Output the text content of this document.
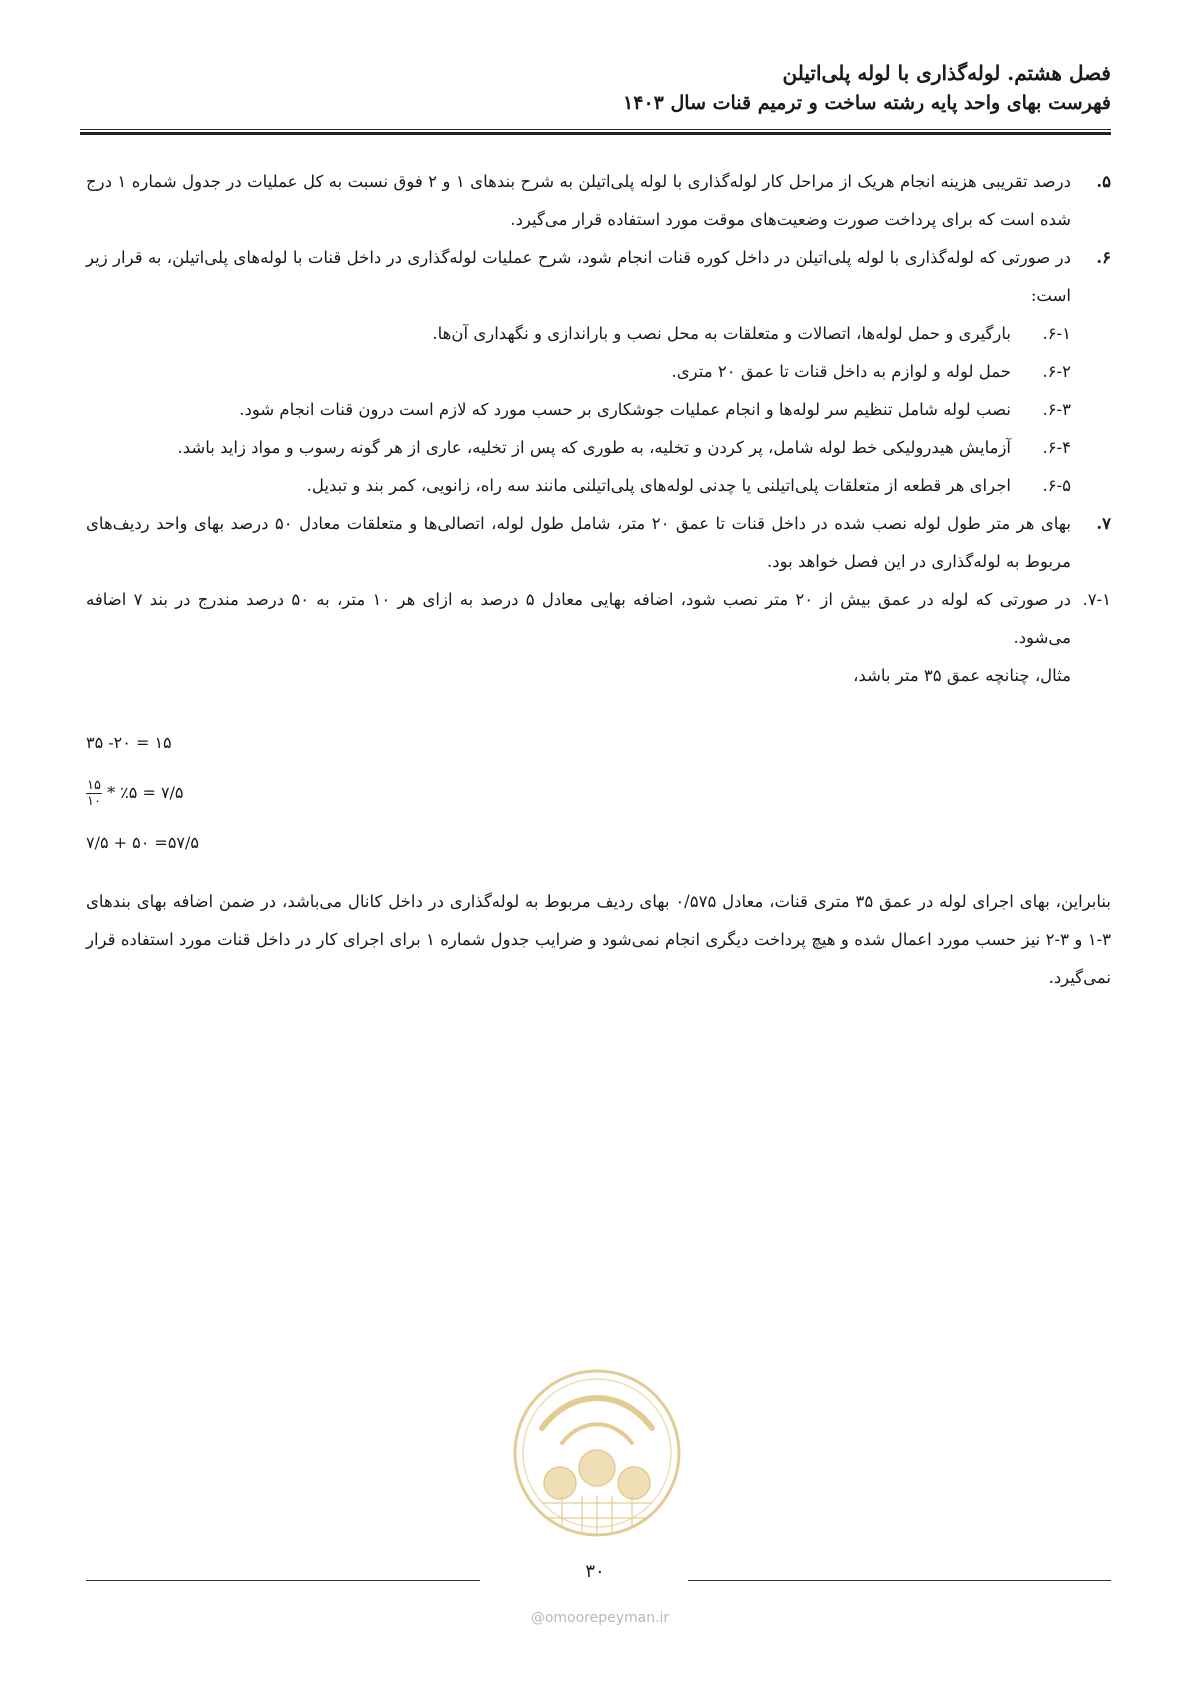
فصل هشتم. لوله‌گذاری با لوله پلی‌اتیلن
فهرست بهای واحد پایه رشته ساخت و ترمیم قنات سال ۱۴۰۳
۵.
درصد تقریبی هزینه انجام هریک از مراحل کار لوله‌گذاری با لوله پلی‌اتیلن به شرح بندهای ۱ و ۲ فوق نسبت به کل عملیات در جدول شماره ۱ درج شده است که برای پرداخت صورت وضعیت‌های موقت مورد استفاده قرار می‌گیرد.
۶.
در صورتی که لوله‌گذاری با لوله پلی‌اتیلن در داخل کوره قنات انجام شود، شرح عملیات لوله‌گذاری در داخل قنات با لوله‌های پلی‌اتیلن، به قرار زیر است:
۶-۱.
بارگیری و حمل لوله‌ها، اتصالات و متعلقات به محل نصب و باراندازی و نگهداری آن‌ها.
۶-۲.
حمل لوله و لوازم به داخل قنات تا عمق ۲۰ متری.
۶-۳.
نصب لوله شامل تنظیم سر لوله‌ها و انجام عملیات جوشکاری بر حسب مورد که لازم است درون قنات انجام شود.
۶-۴.
آزمایش هیدرولیکی خط لوله شامل، پر کردن و تخلیه، به طوری که پس از تخلیه، عاری از هر گونه رسوب و مواد زاید باشد.
۶-۵.
اجرای هر قطعه از متعلقات پلی‌اتیلنی یا چدنی لوله‌های پلی‌اتیلنی مانند سه راه، زانویی، کمر بند و تبدیل.
۷.
بهای هر متر طول لوله نصب شده در داخل قنات تا عمق ۲۰ متر، شامل طول لوله، اتصالی‌ها و متعلقات معادل ۵۰ درصد بهای واحد ردیف‌های مربوط به لوله‌گذاری در این فصل خواهد بود.
۷-۱.
در صورتی که لوله در عمق بیش از ۲۰ متر نصب شود، اضافه بهایی معادل ۵ درصد به ازای هر ۱۰ متر، به ۵۰ درصد مندرج در بند ۷ اضافه می‌شود.
مثال، چنانچه عمق ۳۵ متر باشد،
۳۵ -۲۰ = ۱۵
$\frac{۱۵}{۱۰}$ * ٪۵ = ۷/۵
۷/۵ + ۵۰ =۵۷/۵
بنابراین، بهای اجرای لوله در عمق ۳۵ متری قنات، معادل ۰/۵۷۵ بهای ردیف مربوط به لوله‌گذاری در داخل کانال می‌باشد، در ضمن اضافه بهای بندهای ۳-۱ و ۳-۲ نیز حسب مورد اعمال شده و هیچ پرداخت دیگری انجام نمی‌شود و ضرایب جدول شماره ۱ برای اجرای کار در داخل قنات مورد استفاده قرار نمی‌گیرد.
۳۰
@omoorepeyman.ir
